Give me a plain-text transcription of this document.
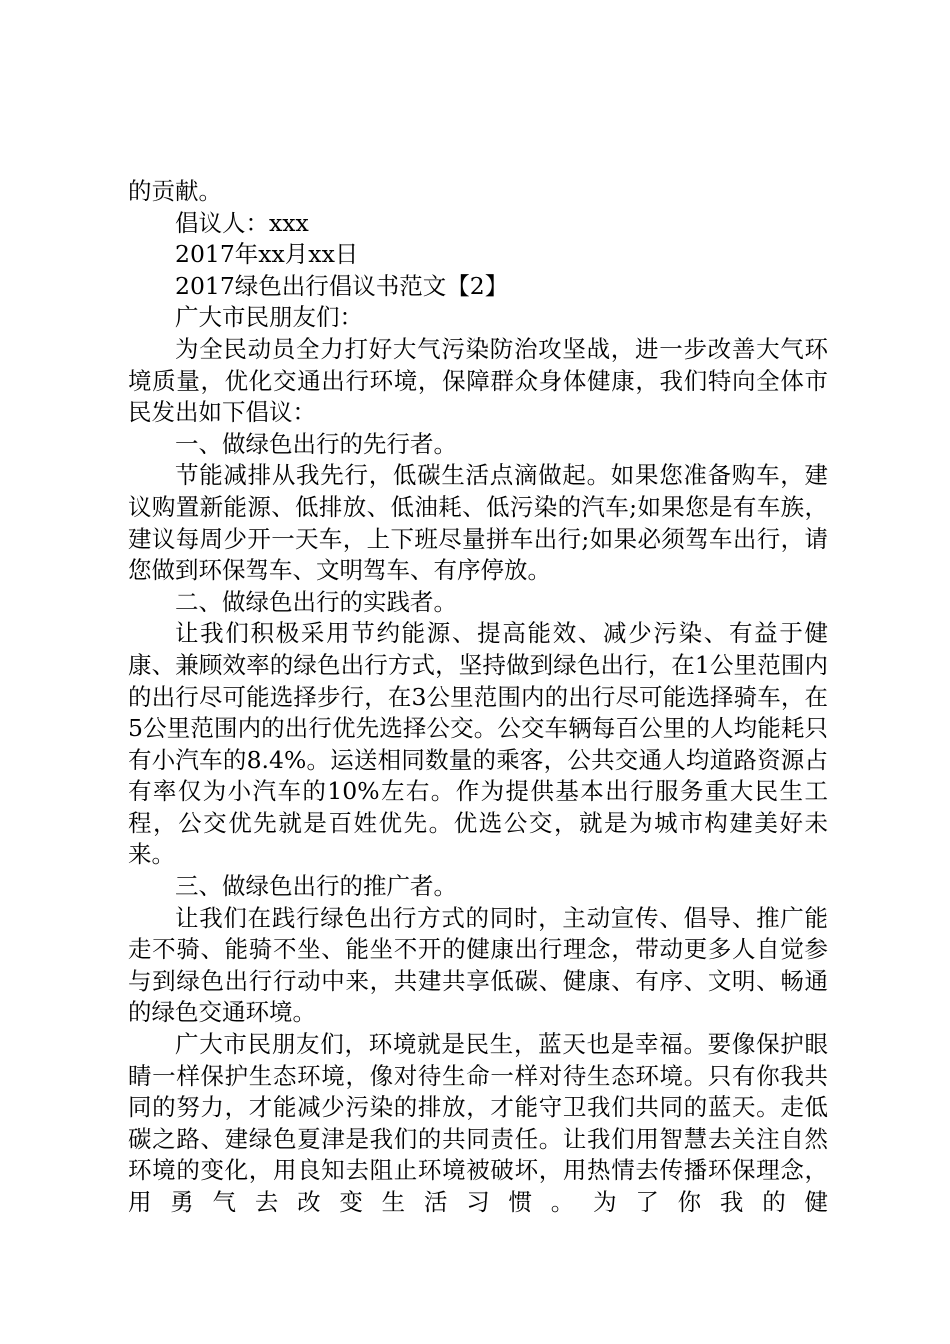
的贡献。

倡议人：xxx

2017年xx月xx日

2017绿色出行倡议书范文【2】

广大市民朋友们：

为全民动员全力打好大气污染防治攻坚战，进一步改善大气环境质量，优化交通出行环境，保障群众身体健康，我们特向全体市民发出如下倡议：

一、做绿色出行的先行者。

节能减排从我先行，低碳生活点滴做起。如果您准备购车，建议购置新能源、低排放、低油耗、低污染的汽车;如果您是有车族，建议每周少开一天车，上下班尽量拼车出行;如果必须驾车出行，请您做到环保驾车、文明驾车、有序停放。

二、做绿色出行的实践者。

让我们积极采用节约能源、提高能效、减少污染、有益于健康、兼顾效率的绿色出行方式，坚持做到绿色出行，在1公里范围内的出行尽可能选择步行，在3公里范围内的出行尽可能选择骑车，在5公里范围内的出行优先选择公交。公交车辆每百公里的人均能耗只有小汽车的8.4%。运送相同数量的乘客，公共交通人均道路资源占有率仅为小汽车的10%左右。作为提供基本出行服务重大民生工程，公交优先就是百姓优先。优选公交，就是为城市构建美好未来。

三、做绿色出行的推广者。

让我们在践行绿色出行方式的同时，主动宣传、倡导、推广能走不骑、能骑不坐、能坐不开的健康出行理念，带动更多人自觉参与到绿色出行行动中来，共建共享低碳、健康、有序、文明、畅通的绿色交通环境。

广大市民朋友们，环境就是民生，蓝天也是幸福。要像保护眼睛一样保护生态环境，像对待生命一样对待生态环境。只有你我共同的努力，才能减少污染的排放，才能守卫我们共同的蓝天。走低碳之路、建绿色夏津是我们的共同责任。让我们用智慧去关注自然环境的变化，用良知去阻止环境被破坏，用热情去传播环保理念，用勇气去改变生活习惯。为了你我的健
